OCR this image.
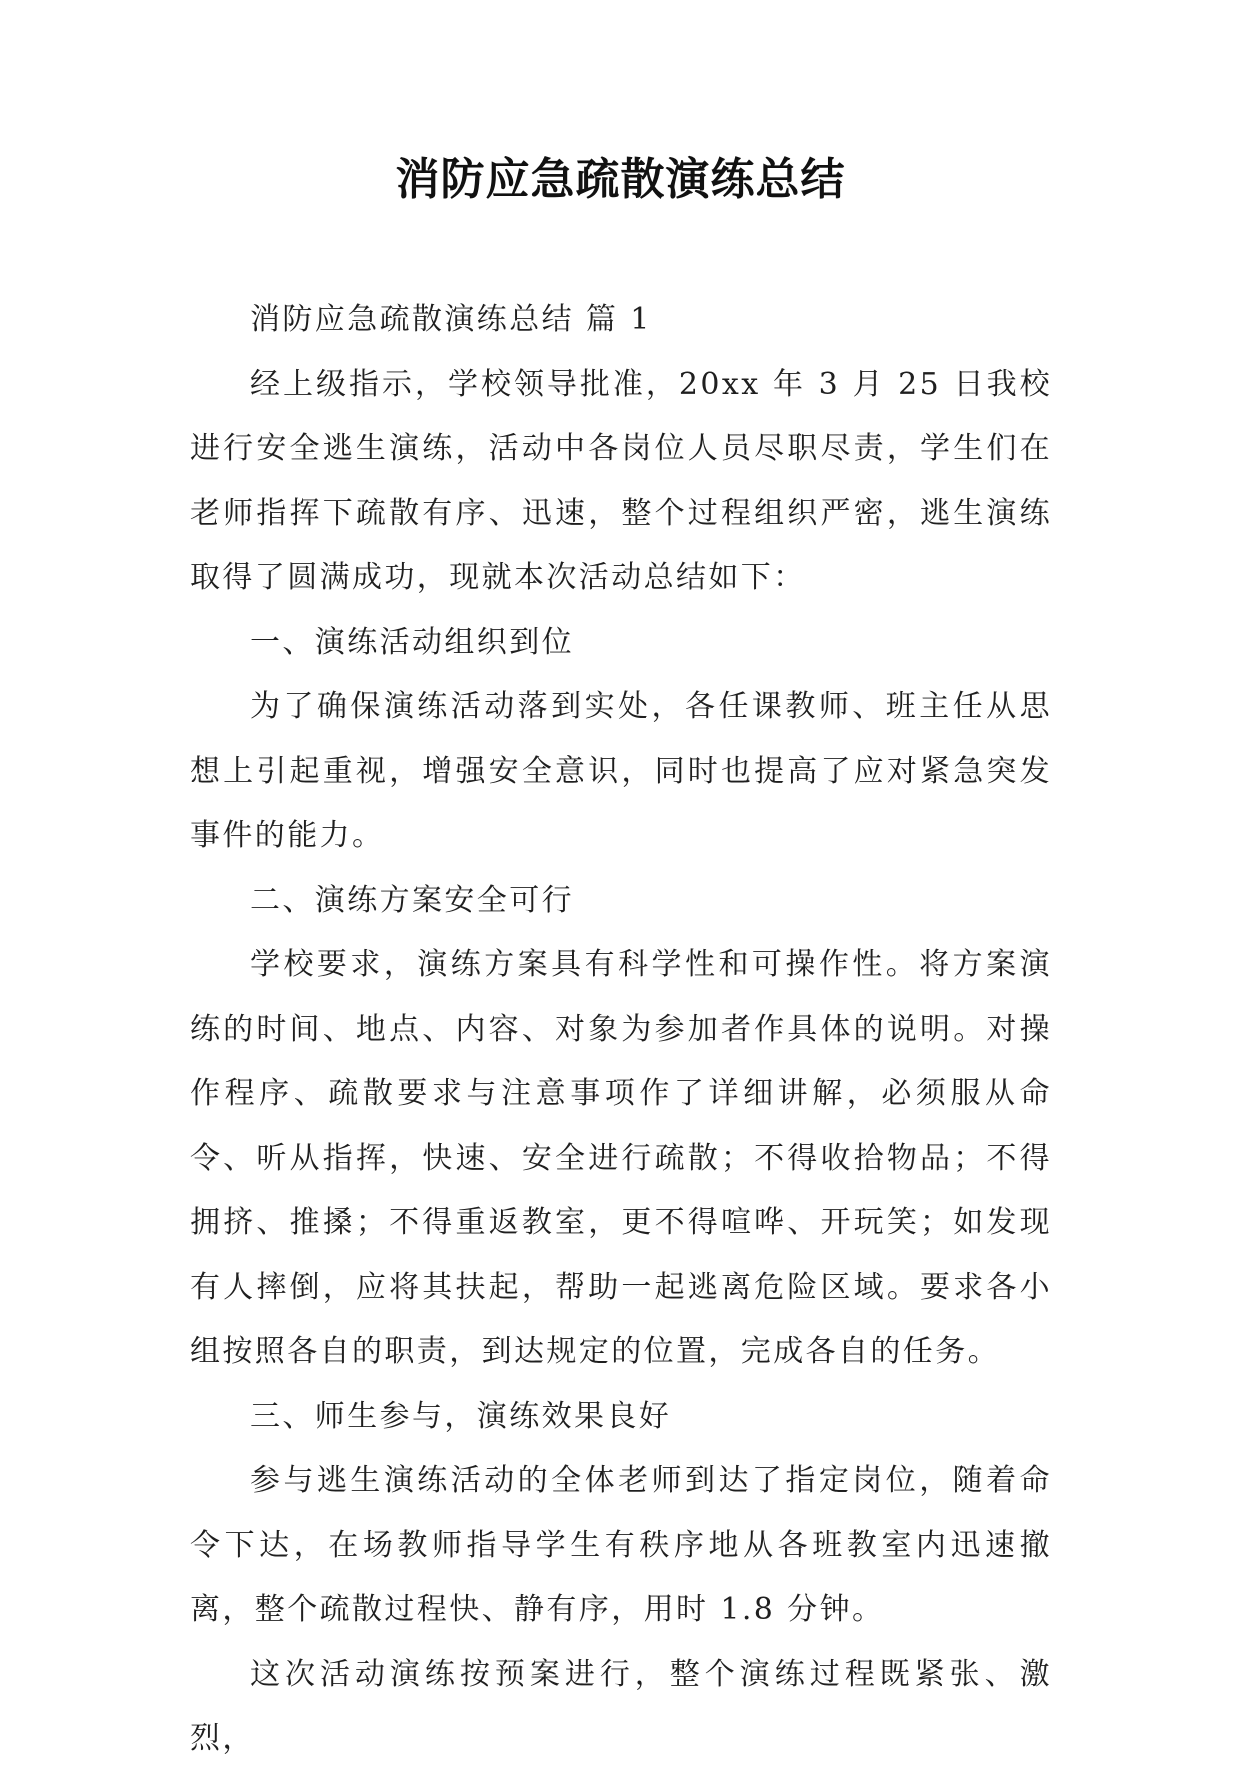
消防应急疏散演练总结

消防应急疏散演练总结 篇 1

经上级指示，学校领导批准，20xx 年 3 月 25 日我校进行安全逃生演练，活动中各岗位人员尽职尽责，学生们在老师指挥下疏散有序、迅速，整个过程组织严密，逃生演练取得了圆满成功，现就本次活动总结如下：

一、演练活动组织到位

为了确保演练活动落到实处，各任课教师、班主任从思想上引起重视，增强安全意识，同时也提高了应对紧急突发事件的能力。

二、演练方案安全可行

学校要求，演练方案具有科学性和可操作性。将方案演练的时间、地点、内容、对象为参加者作具体的说明。对操作程序、疏散要求与注意事项作了详细讲解，必须服从命令、听从指挥，快速、安全进行疏散；不得收拾物品；不得拥挤、推搡；不得重返教室，更不得喧哗、开玩笑；如发现有人摔倒，应将其扶起，帮助一起逃离危险区域。要求各小组按照各自的职责，到达规定的位置，完成各自的任务。

三、师生参与，演练效果良好

参与逃生演练活动的全体老师到达了指定岗位，随着命令下达，在场教师指导学生有秩序地从各班教室内迅速撤离，整个疏散过程快、静有序，用时 1.8 分钟。

这次活动演练按预案进行，整个演练过程既紧张、激烈，
